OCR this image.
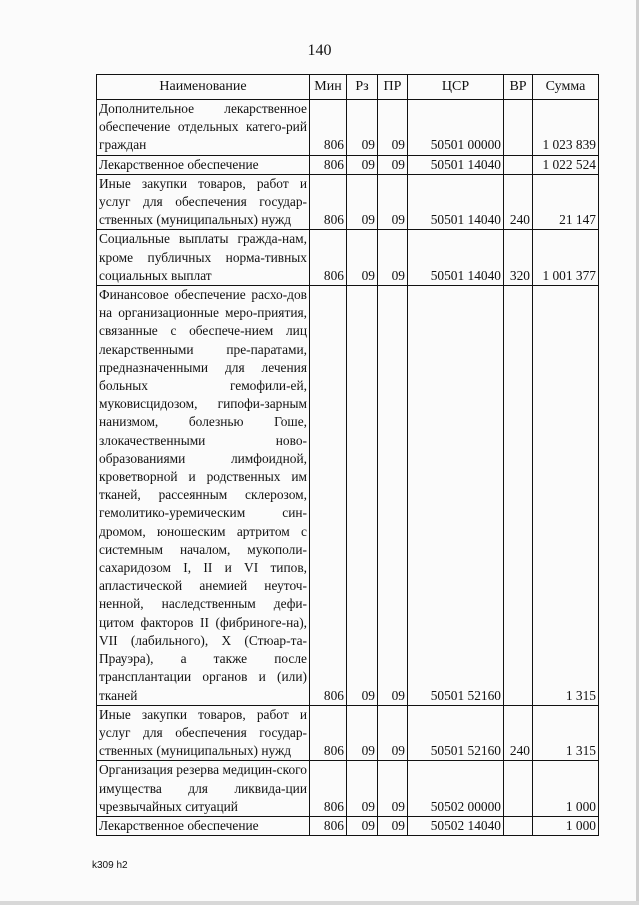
140
Наименование	Мин	Рз	ПР	ЦСР	ВР	Сумма
Дополнительное лекарственное обеспечение отдельных катего-рий граждан	806	09	09	50501 00000		1 023 839
Лекарственное обеспечение	806	09	09	50501 14040		1 022 524
Иные закупки товаров, работ и услуг для обеспечения государ-ственных (муниципальных) нужд	806	09	09	50501 14040	240	21 147
Социальные выплаты гражда-нам, кроме публичных норма-тивных социальных выплат	806	09	09	50501 14040	320	1 001 377
Финансовое обеспечение расхо-дов на организационные меро-приятия, связанные с обеспече-нием лиц лекарственными пре-паратами, предназначенными для лечения больных гемофили-ей, муковисцидозом, гипофи-зарным нанизмом, болезнью Гоше, злокачественными ново-образованиями лимфоидной, кроветворной и родственных им тканей, рассеянным склерозом, гемолитико-уремическим син-дромом, юношеским артритом с системным началом, мукополи-сахаридозом I, II и VI типов, апластической анемией неуточ-ненной, наследственным дефи-цитом факторов II (фибриноге-на), VII (лабильного), X (Стюар-та-Прауэра), а также после трансплантации органов и (или) тканей	806	09	09	50501 52160		1 315
Иные закупки товаров, работ и услуг для обеспечения государ-ственных (муниципальных) нужд	806	09	09	50501 52160	240	1 315
Организация резерва медицин-ского имущества для ликвида-ции чрезвычайных ситуаций	806	09	09	50502 00000		1 000
Лекарственное обеспечение	806	09	09	50502 14040		1 000
k309 h2
